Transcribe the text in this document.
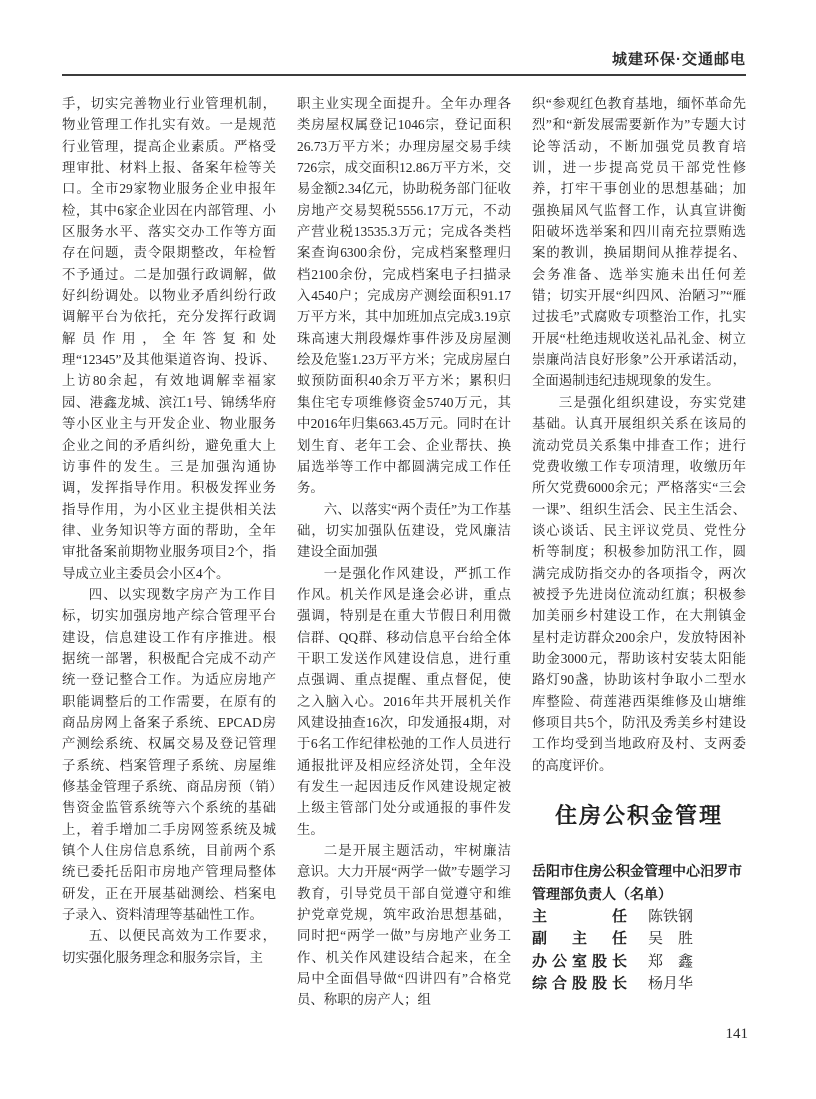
城建环保·交通邮电

手，切实完善物业行业管理机制，物业管理工作扎实有效。一是规范行业管理，提高企业素质。严格受理审批、材料上报、备案年检等关口。全市29家物业服务企业申报年检，其中6家企业因在内部管理、小区服务水平、落实交办工作等方面存在问题，责令限期整改，年检暂不予通过。二是加强行政调解，做好纠纷调处。以物业矛盾纠纷行政调解平台为依托，充分发挥行政调解员作用，全年答复和处理“12345”及其他渠道咨询、投诉、上访80余起，有效地调解幸福家园、港鑫龙城、滨江1号、锦绣华府等小区业主与开发企业、物业服务企业之间的矛盾纠纷，避免重大上访事件的发生。三是加强沟通协调，发挥指导作用。积极发挥业务指导作用，为小区业主提供相关法律、业务知识等方面的帮助，全年审批备案前期物业服务项目2个，指导成立业主委员会小区4个。

四、以实现数字房产为工作目标，切实加强房地产综合管理平台建设，信息建设工作有序推进。根据统一部署，积极配合完成不动产统一登记整合工作。为适应房地产职能调整后的工作需要，在原有的商品房网上备案子系统、EPCAD房产测绘系统、权属交易及登记管理子系统、档案管理子系统、房屋维修基金管理子系统、商品房预（销）售资金监管系统等六个系统的基础上，着手增加二手房网签系统及城镇个人住房信息系统，目前两个系统已委托岳阳市房地产管理局整体研发，正在开展基础测绘、档案电子录入、资料清理等基础性工作。

五、以便民高效为工作要求，切实强化服务理念和服务宗旨，主

职主业实现全面提升。全年办理各类房屋权属登记1046宗，登记面积26.73万平方米；办理房屋交易手续726宗，成交面积12.86万平方米，交易金额2.34亿元，协助税务部门征收房地产交易契税5556.17万元，不动产营业税13535.3万元；完成各类档案查询6300余份，完成档案整理归档2100余份，完成档案电子扫描录入4540户；完成房产测绘面积91.17万平方米，其中加班加点完成3.19京珠高速大荆段爆炸事件涉及房屋测绘及危鉴1.23万平方米；完成房屋白蚁预防面积40余万平方米；累积归集住宅专项维修资金5740万元，其中2016年归集663.45万元。同时在计划生育、老年工会、企业帮扶、换届选举等工作中都圆满完成工作任务。

六、以落实“两个责任”为工作基础，切实加强队伍建设，党风廉洁建设全面加强

一是强化作风建设，严抓工作作风。机关作风是逢会必讲，重点强调，特别是在重大节假日利用微信群、QQ群、移动信息平台给全体干职工发送作风建设信息，进行重点强调、重点提醒、重点督促，使之入脑入心。2016年共开展机关作风建设抽查16次，印发通报4期，对于6名工作纪律松弛的工作人员进行通报批评及相应经济处罚，全年没有发生一起因违反作风建设规定被上级主管部门处分或通报的事件发生。

二是开展主题活动，牢树廉洁意识。大力开展“两学一做”专题学习教育，引导党员干部自觉遵守和维护党章党规，筑牢政治思想基础，同时把“两学一做”与房地产业务工作、机关作风建设结合起来，在全局中全面倡导做“四讲四有”合格党员、称职的房产人；组

织“参观红色教育基地，缅怀革命先烈”和“新发展需要新作为”专题大讨论等活动，不断加强党员教育培训，进一步提高党员干部党性修养，打牢干事创业的思想基础；加强换届风气监督工作，认真宣讲衡阳破坏选举案和四川南充拉票贿选案的教训，换届期间从推荐提名、会务准备、选举实施未出任何差错；切实开展“纠四风、治陋习”“雁过拔毛”式腐败专项整治工作，扎实开展“杜绝违规收送礼品礼金、树立崇廉尚洁良好形象”公开承诺活动，全面遏制违纪违规现象的发生。

三是强化组织建设，夯实党建基础。认真开展组织关系在该局的流动党员关系集中排查工作；进行党费收缴工作专项清理，收缴历年所欠党费6000余元；严格落实“三会一课”、组织生活会、民主生活会、谈心谈话、民主评议党员、党性分析等制度；积极参加防汛工作，圆满完成防指交办的各项指令，两次被授予先进岗位流动红旗；积极参加美丽乡村建设工作，在大荆镇金星村走访群众200余户，发放特困补助金3000元，帮助该村安装太阳能路灯90盏，协助该村争取小二型水库整险、荷莲港西渠维修及山塘维修项目共5个，防汛及秀美乡村建设工作均受到当地政府及村、支两委的高度评价。

住房公积金管理

岳阳市住房公积金管理中心汨罗市管理部负责人（名单）

主　　　任	陈铁钢
副　主　任	吴　胜
办公室股长	郑　鑫
综合股股长	杨月华
141
